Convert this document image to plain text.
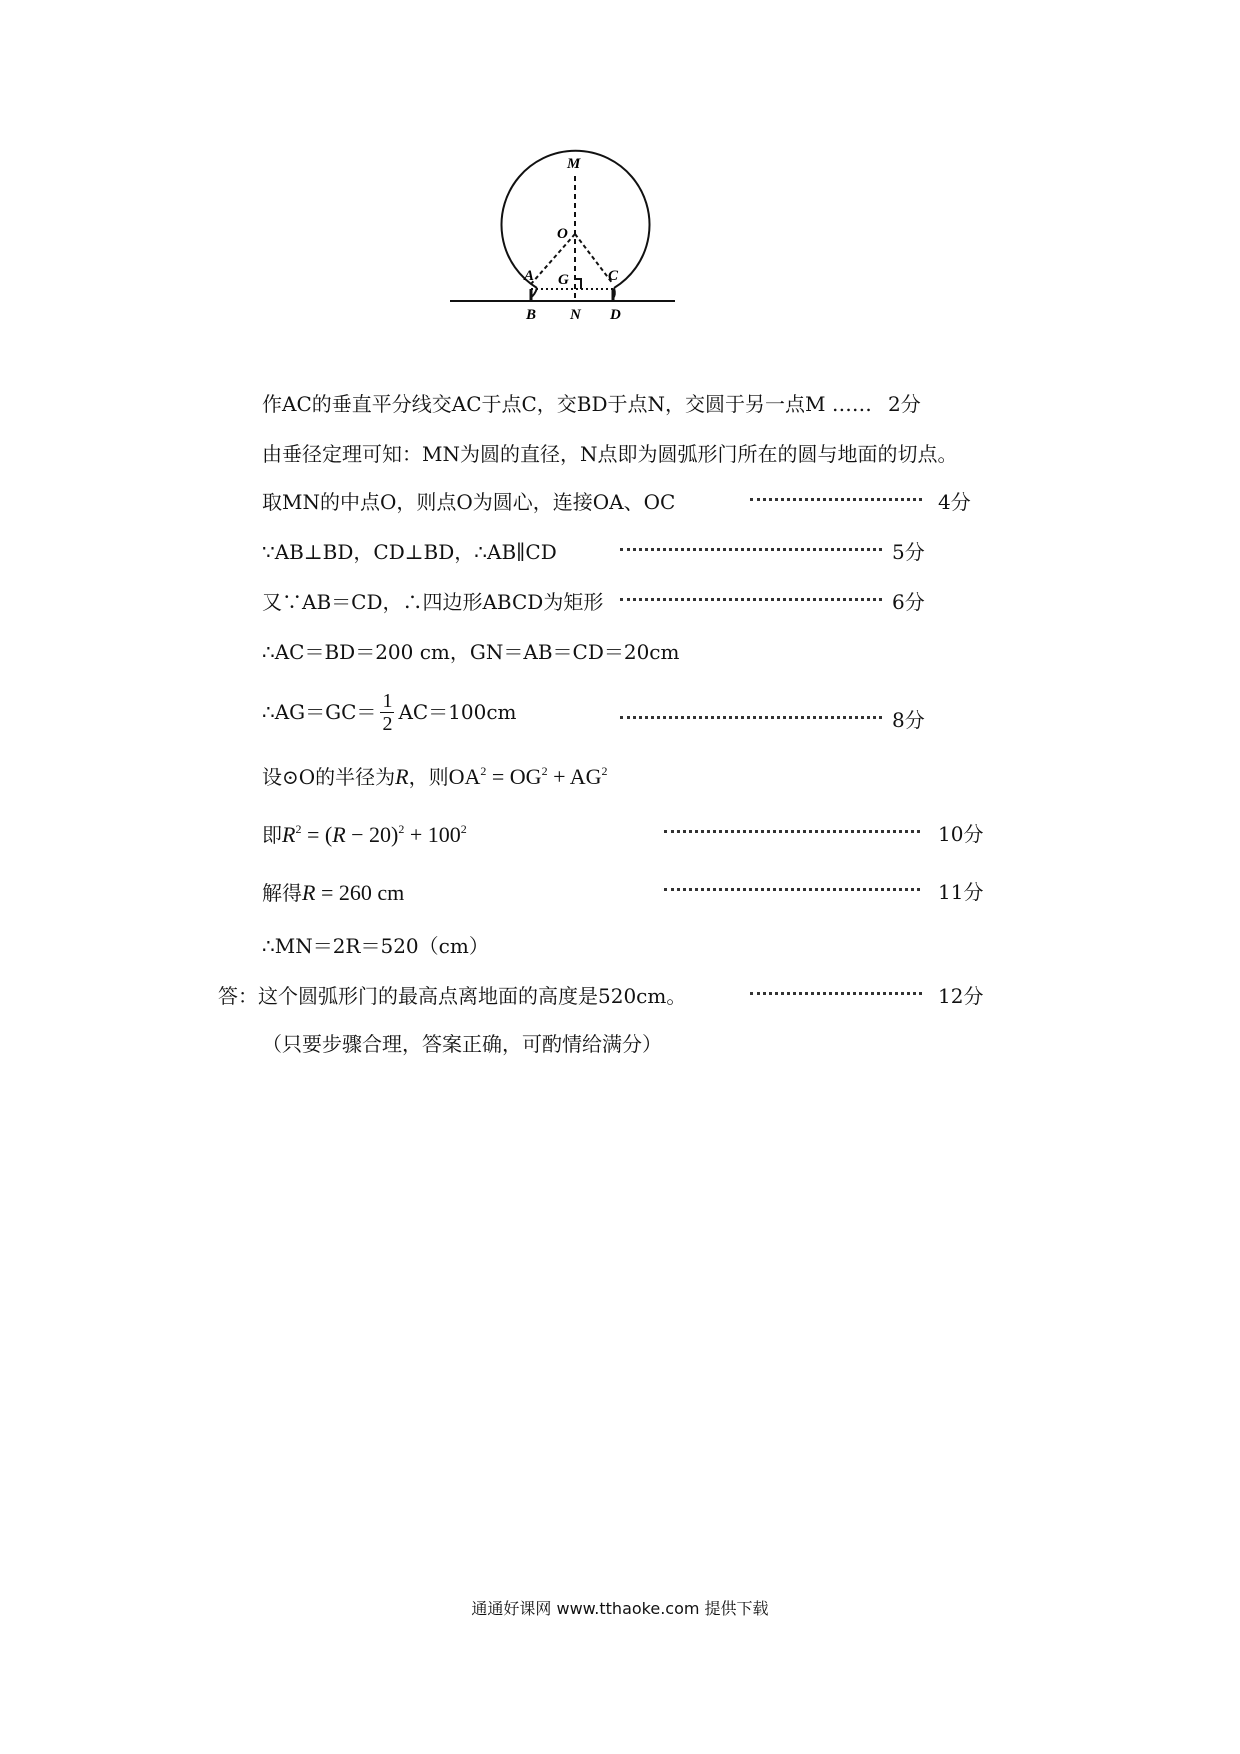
M
O
A G	C
B N D
作AC的垂直平分线交AC于点C，交BD于点N，交圆于另一点M …… 2分
由垂径定理可知：MN为圆的直径，N点即为圆弧形门所在的圆与地面的切点。
取MN的中点O，则点O为圆心，连接OA、OC	4分
∵AB⊥BD，CD⊥BD，∴AB∥CD	5分
又∵AB＝CD，∴四边形ABCD为矩形	6分
∴AC＝BD＝200 cm，GN＝AB＝CD＝20cm
∴AG＝GC＝ $\frac{1}{2} AC=100cm$	8分
设⊙O的半径为R，则$OA^2 = OG^2 + AG^2$
即$R^2 = (R - 20)^2 + 100^2$	10分
解得R = 260 cm	11分
∴MN＝2R＝520（cm）
答：这个圆弧形门的最高点离地面的高度是520cm。	12分
（只要步骤合理，答案正确，可酌情给满分）
通通好课网 www.tthaoke.com 提供下载
